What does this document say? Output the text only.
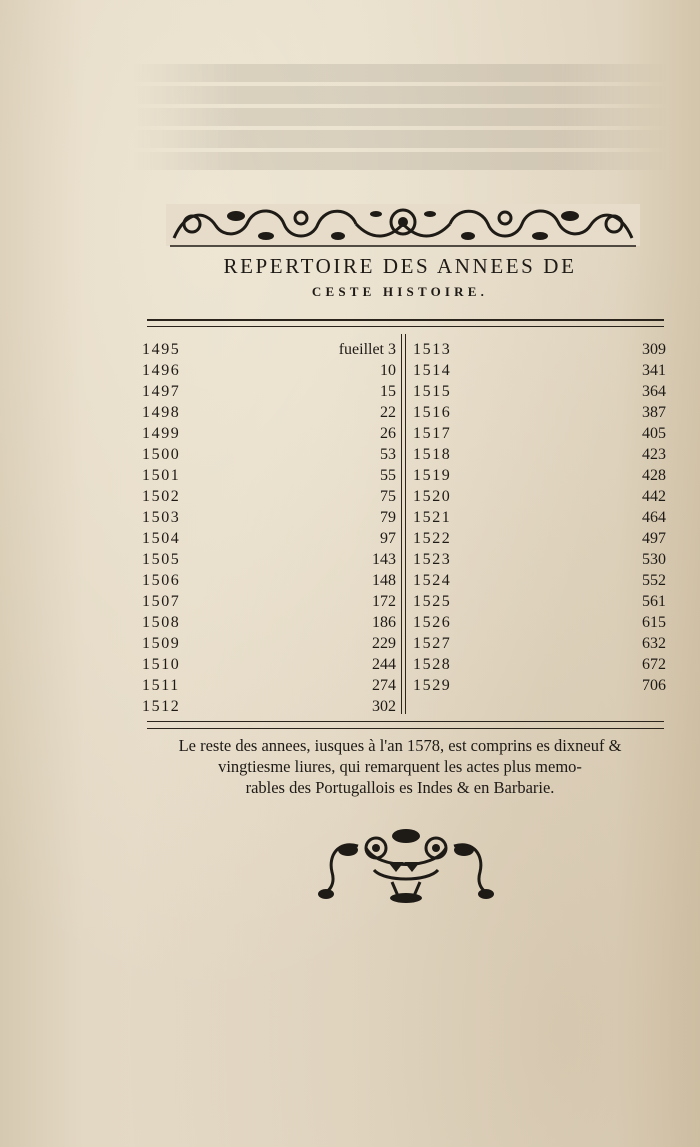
REPERTOIRE DES ANNEES DE
CESTE HISTOIRE.
1495	fueillet 3
1496	10
1497	15
1498	22
1499	26
1500	53
1501	55
1502	75
1503	79
1504	97
1505	143
1506	148
1507	172
1508	186
1509	229
1510	244
1511	274
1512	302
1513	309
1514	341
1515	364
1516	387
1517	405
1518	423
1519	428
1520	442
1521	464
1522	497
1523	530
1524	552
1525	561
1526	615
1527	632
1528	672
1529	706
Le reste des annees, iusques à l'an 1578, est comprins es dixneuf &
vingtiesme liures, qui remarquent les actes plus memo-
rables des Portugallois es Indes & en Barbarie.
